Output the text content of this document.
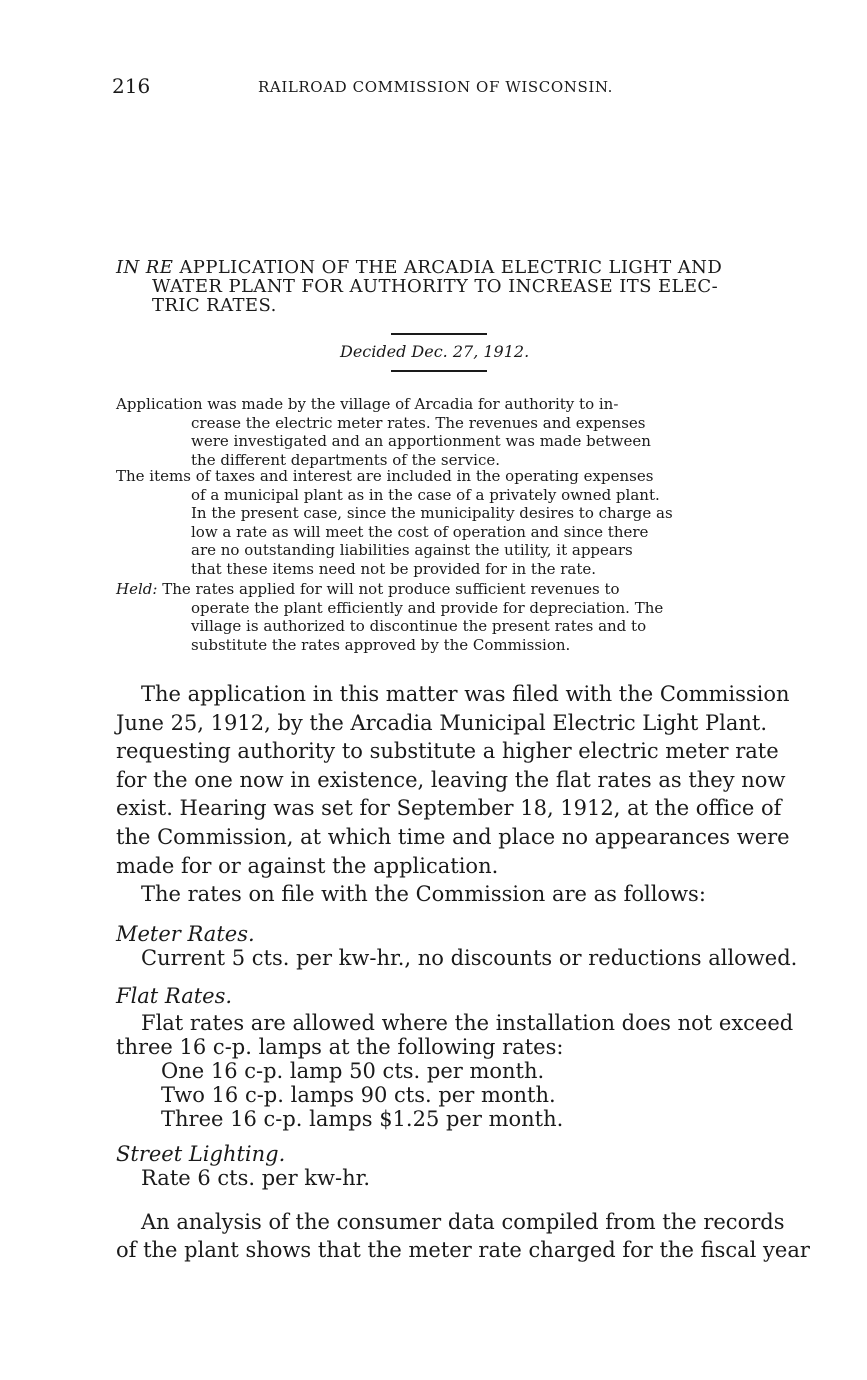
216	RAILROAD COMMISSION OF WISCONSIN.
IN RE APPLICATION OF THE ARCADIA ELECTRIC LIGHT AND
WATER PLANT FOR AUTHORITY TO INCREASE ITS ELEC-
TRIC RATES.
Decided Dec. 27, 1912.
Application was made by the village of Arcadia for authority to in-
crease the electric meter rates. The revenues and expenses
were investigated and an apportionment was made between
the different departments of the service.
The items of taxes and interest are included in the operating expenses
of a municipal plant as in the case of a privately owned plant.
In the present case, since the municipality desires to charge as
low a rate as will meet the cost of operation and since there
are no outstanding liabilities against the utility, it appears
that these items need not be provided for in the rate.
Held: The rates applied for will not produce sufficient revenues to
operate the plant efficiently and provide for depreciation. The
village is authorized to discontinue the present rates and to
substitute the rates approved by the Commission.
The application in this matter was filed with the Commission
June 25, 1912, by the Arcadia Municipal Electric Light Plant.
requesting authority to substitute a higher electric meter rate
for the one now in existence, leaving the flat rates as they now
exist. Hearing was set for September 18, 1912, at the office of
the Commission, at which time and place no appearances were
made for or against the application.
The rates on file with the Commission are as follows:
Meter Rates.
Current 5 cts. per kw-hr., no discounts or reductions allowed.
Flat Rates.
Flat rates are allowed where the installation does not exceed
three 16 c-p. lamps at the following rates:
One 16 c-p. lamp 50 cts. per month.
Two 16 c-p. lamps 90 cts. per month.
Three 16 c-p. lamps $1.25 per month.
Street Lighting.
Rate 6 cts. per kw-hr.
An analysis of the consumer data compiled from the records
of the plant shows that the meter rate charged for the fiscal year
